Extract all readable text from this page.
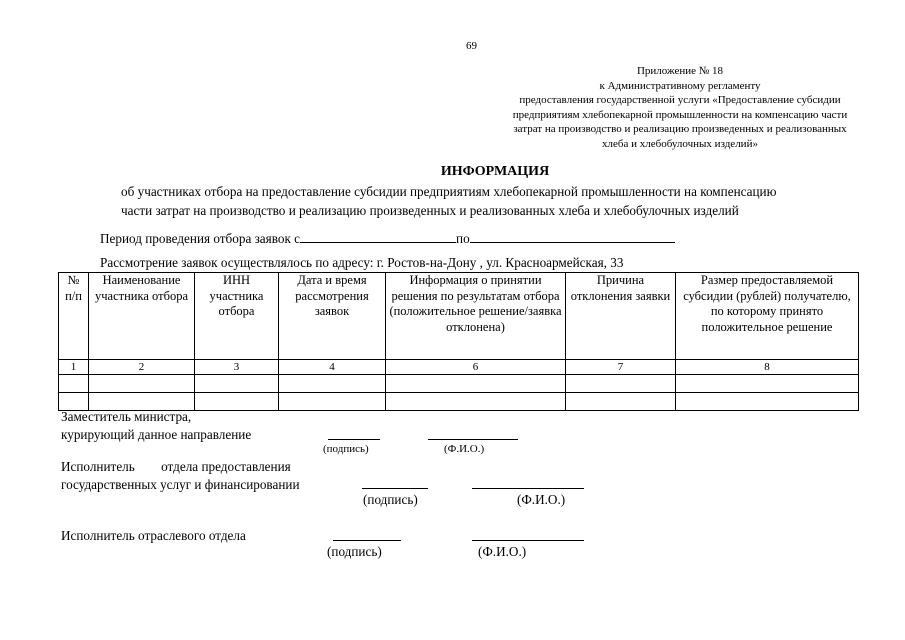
69
Приложение № 18
к Административному регламенту
предоставления государственной услуги «Предоставление субсидии
предприятиям хлебопекарной промышленности на компенсацию части
затрат на производство и реализацию произведенных и реализованных
хлеба и хлебобулочных изделий»
ИНФОРМАЦИЯ
об участниках отбора на предоставление субсидии предприятиям хлебопекарной промышленности на компенсацию
части затрат на производство и реализацию произведенных и реализованных хлеба и хлебобулочных изделий
Период проведения отбора заявок с	по
Рассмотрение заявок осуществлялось по адресу: г. Ростов-на-Дону , ул. Красноармейская, 33
№ п/п	Наименование участника отбора	ИНН участника отбора	Дата и время рассмотрения заявок	Информация о принятии решения по результатам отбора (положительное решение/заявка отклонена)	Причина отклонения заявки	Размер предоставляемой субсидии (рублей) получателю, по которому принято положительное решение
1	2	3	4	6	7	8

Заместитель министра,
курирующий данное направление
(подпись)	(Ф.И.О.)
Исполнитель        отдела предоставления
государственных услуг и финансировании
(подпись)	(Ф.И.О.)
Исполнитель отраслевого отдела
(подпись)	(Ф.И.О.)
